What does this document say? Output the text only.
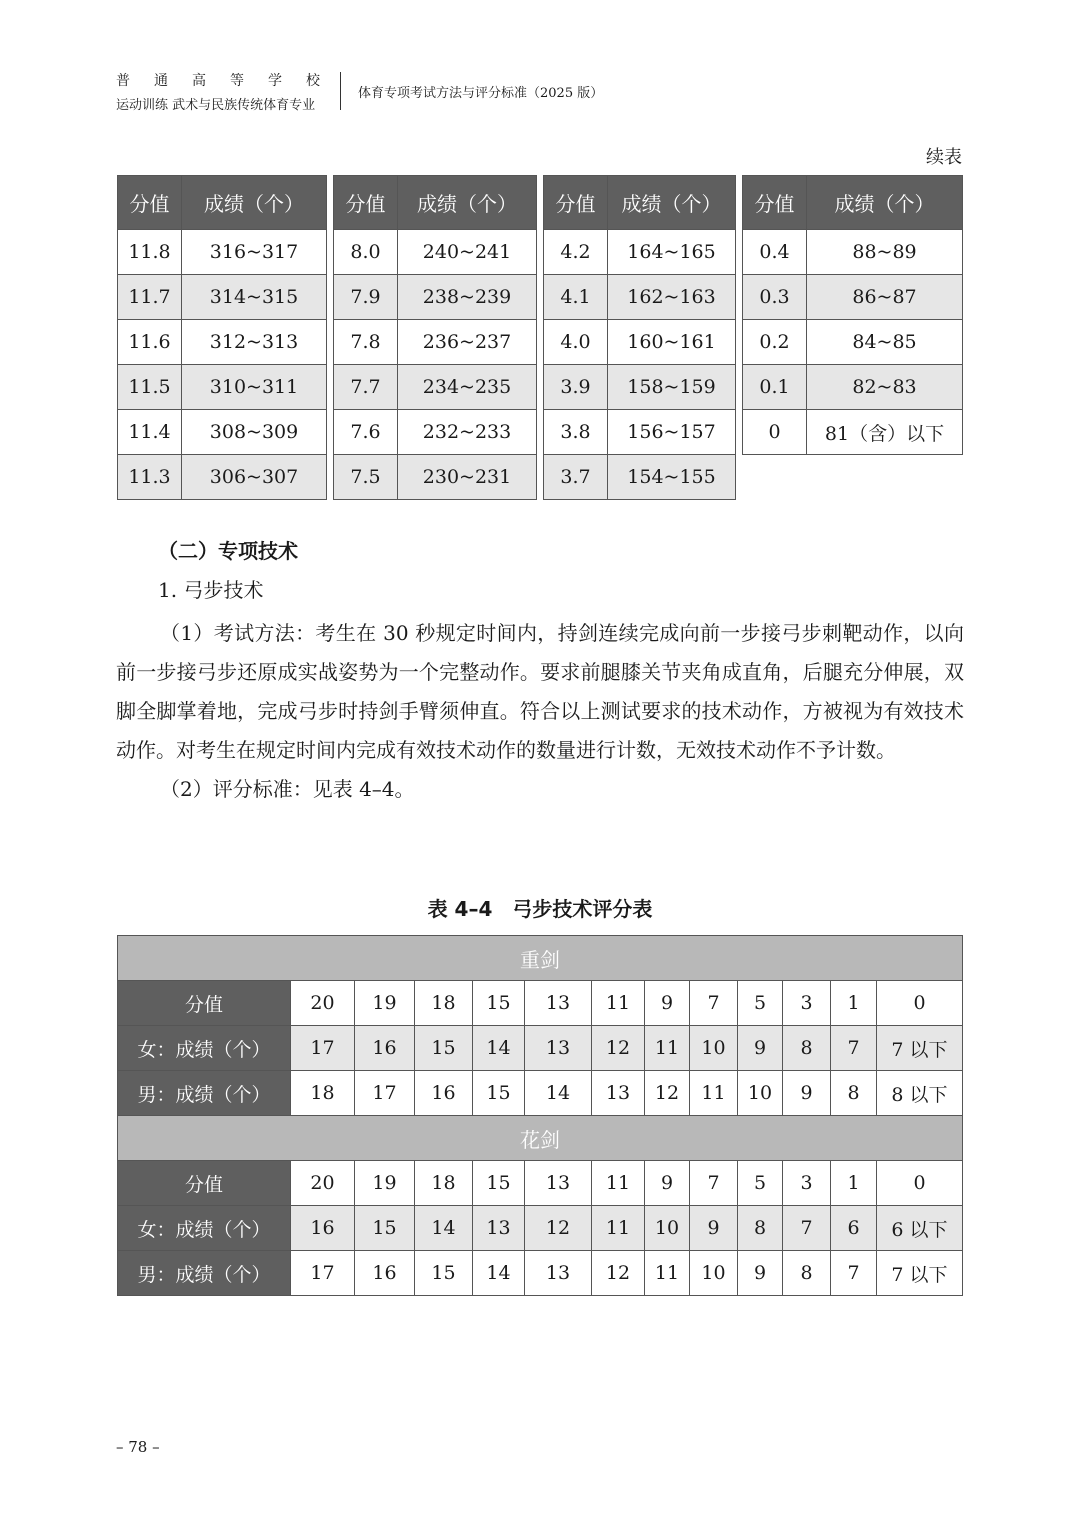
普 通 高 等 学 校
运动训练 武术与民族传统体育专业
体育专项考试方法与评分标准（2025 版）
续表
分值	成绩（个）
11.8	316~317
11.7	314~315
11.6	312~313
11.5	310~311
11.4	308~309
11.3	306~307
分值	成绩（个）
8.0	240~241
7.9	238~239
7.8	236~237
7.7	234~235
7.6	232~233
7.5	230~231
分值	成绩（个）
4.2	164~165
4.1	162~163
4.0	160~161
3.9	158~159
3.8	156~157
3.7	154~155
分值	成绩（个）
0.4	88~89
0.3	86~87
0.2	84~85
0.1	82~83
0	81（含）以下
（二）专项技术
1. 弓步技术

（1）考试方法：考生在 30 秒规定时间内，持剑连续完成向前一步接弓步刺靶动作，以向前一步接弓步还原成实战姿势为一个完整动作。要求前腿膝关节夹角成直角，后腿充分伸展，双脚全脚掌着地，完成弓步时持剑手臂须伸直。符合以上测试要求的技术动作，方被视为有效技术动作。对考生在规定时间内完成有效技术动作的数量进行计数，无效技术动作不予计数。

（2）评分标准：见表 4–4。

表 4–4　弓步技术评分表
重剑												
分值	20	19	18	15	13	11	9	7	5	3	1	0
女：成绩（个）	17	16	15	14	13	12	11	10	9	8	7	7 以下
男：成绩（个）	18	17	16	15	14	13	12	11	10	9	8	8 以下
花剑												
分值	20	19	18	15	13	11	9	7	5	3	1	0
女：成绩（个）	16	15	14	13	12	11	10	9	8	7	6	6 以下
男：成绩（个）	17	16	15	14	13	12	11	10	9	8	7	7 以下
– 78 –
